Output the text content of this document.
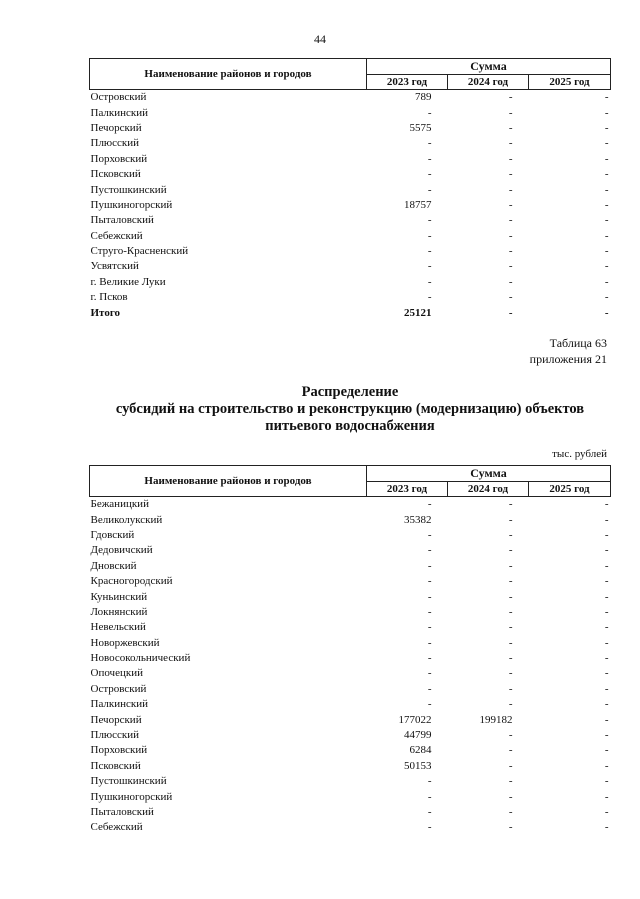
44
Наименование районов и городов	Сумма		
	2023 год	2024 год	2025 год
Островский	789	-	-
Палкинский	-	-	-
Печорский	5575	-	-
Плюсский	-	-	-
Порховский	-	-	-
Псковский	-	-	-
Пустошкинский	-	-	-
Пушкиногорский	18757	-	-
Пыталовский	-	-	-
Себежский	-	-	-
Струго-Красненский	-	-	-
Усвятский	-	-	-
г. Великие Луки	-	-	-
г. Псков	-	-	-
Итого	25121	-	-
Таблица 63
приложения 21
Распределение
субсидий на строительство и реконструкцию (модернизацию) объектов
питьевого водоснабжения
тыс. рублей
Наименование районов и городов	Сумма		
	2023 год	2024 год	2025 год
Бежаницкий	-	-	-
Великолукский	35382	-	-
Гдовский	-	-	-
Дедовичский	-	-	-
Дновский	-	-	-
Красногородский	-	-	-
Куньинский	-	-	-
Локнянский	-	-	-
Невельский	-	-	-
Новоржевский	-	-	-
Новосокольнический	-	-	-
Опочецкий	-	-	-
Островский	-	-	-
Палкинский	-	-	-
Печорский	177022	199182	-
Плюсский	44799	-	-
Порховский	6284	-	-
Псковский	50153	-	-
Пустошкинский	-	-	-
Пушкиногорский	-	-	-
Пыталовский	-	-	-
Себежский	-	-	-
